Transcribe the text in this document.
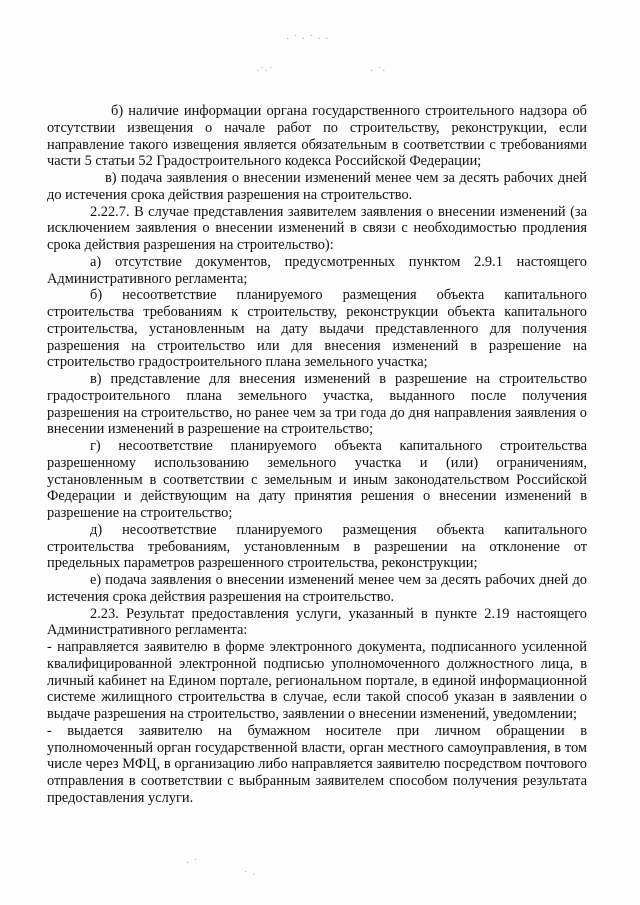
· ˙ · ˙ · ·
·˙·˙	· ˙·
· ˙
˙ ·

б) наличие информации органа государственного строительного надзора об отсутствии извещения о начале работ по строительству, реконструкции, если направление такого извещения является обязательным в соответствии с требованиями части 5 статьи 52 Градостроительного кодекса Российской Федерации;

в) подача заявления о внесении изменений менее чем за десять рабочих дней до истечения срока действия разрешения на строительство.

2.22.7. В случае представления заявителем заявления о внесении изменений (за исключением заявления о внесении изменений в связи с необходимостью продления срока действия разрешения на строительство):

а) отсутствие документов, предусмотренных пунктом 2.9.1 настоящего Административного регламента;

б) несоответствие планируемого размещения объекта капитального строительства требованиям к строительству, реконструкции объекта капитального строительства, установленным на дату выдачи представленного для получения разрешения на строительство или для внесения изменений в разрешение на строительство градостроительного плана земельного участка;

в) представление для внесения изменений в разрешение на строительство градостроительного плана земельного участка, выданного после получения разрешения на строительство, но ранее чем за три года до дня направления заявления о внесении изменений в разрешение на строительство;

г) несоответствие планируемого объекта капитального строительства разрешенному использованию земельного участка и (или) ограничениям, установленным в соответствии с земельным и иным законодательством Российской Федерации и действующим на дату принятия решения о внесении изменений в разрешение на строительство;

д) несоответствие планируемого размещения объекта капитального строительства требованиям, установленным в разрешении на отклонение от предельных параметров разрешенного строительства, реконструкции;

е) подача заявления о внесении изменений менее чем за десять рабочих дней до истечения срока действия разрешения на строительство.

2.23. Результат предоставления услуги, указанный в пункте 2.19 настоящего Административного регламента:

- направляется заявителю в форме электронного документа, подписанного усиленной квалифицированной электронной подписью уполномоченного должностного лица, в личный кабинет на Едином портале, региональном портале, в единой информационной системе жилищного строительства в случае, если такой способ указан в заявлении о выдаче разрешения на строительство, заявлении о внесении изменений, уведомлении;

- выдается заявителю на бумажном носителе при личном обращении в уполномоченный орган государственной власти, орган местного самоуправления, в том числе через МФЦ, в организацию либо направляется заявителю посредством почтового отправления в соответствии с выбранным заявителем способом получения результата предоставления услуги.
